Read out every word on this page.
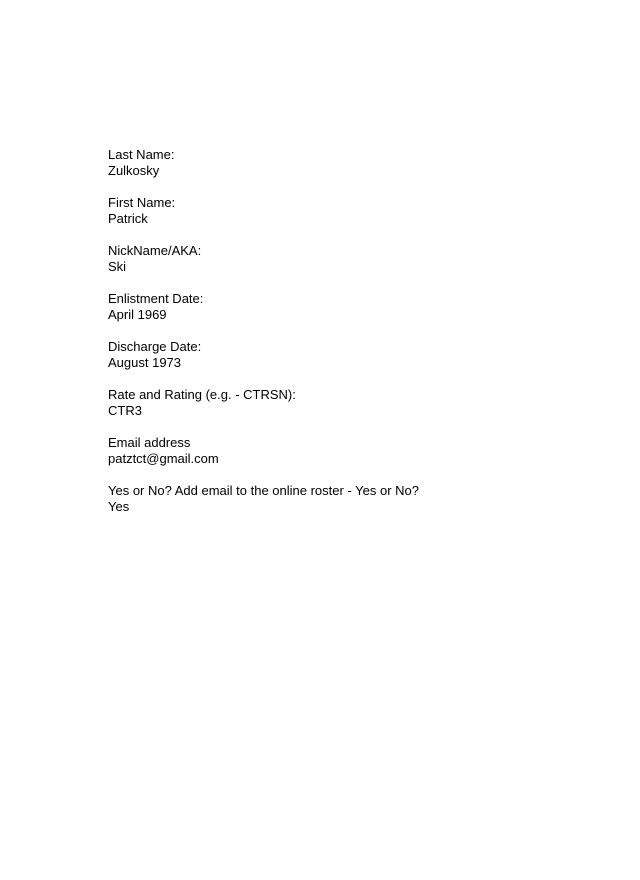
Last Name:
Zulkosky
First Name:
Patrick
NickName/AKA:
Ski
Enlistment Date:
April 1969
Discharge Date:
August 1973
Rate and Rating (e.g. - CTRSN):
CTR3
Email address
patztct@gmail.com
Yes or No? Add email to the online roster - Yes or No?
Yes
